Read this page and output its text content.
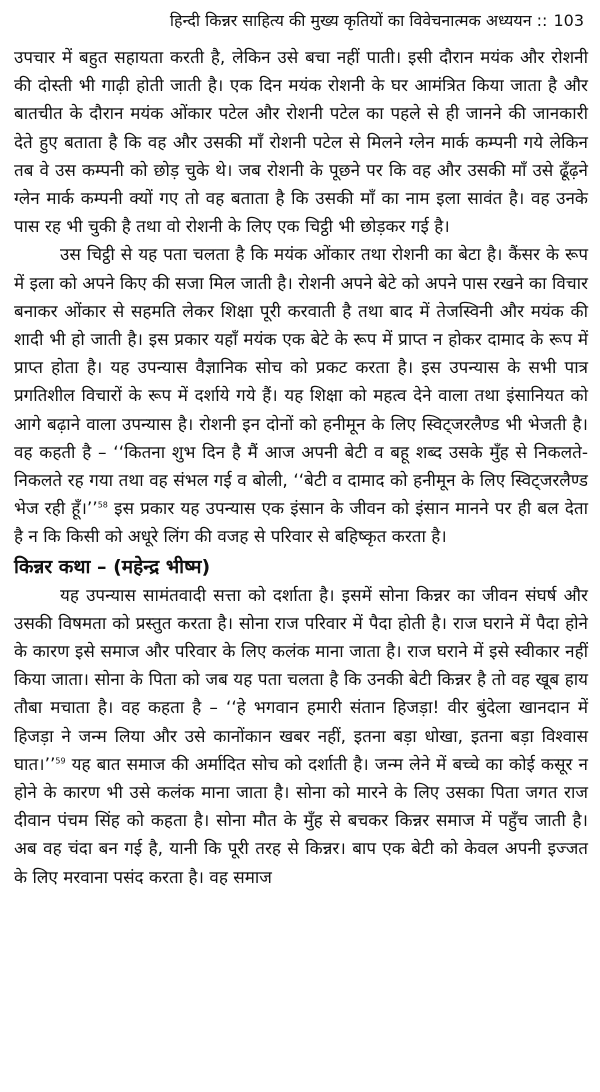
हिन्दी किन्नर साहित्य की मुख्य कृतियों का विवेचनात्मक अध्ययन :: 103

उपचार में बहुत सहायता करती है, लेकिन उसे बचा नहीं पाती। इसी दौरान मयंक और रोशनी की दोस्ती भी गाढ़ी होती जाती है। एक दिन मयंक रोशनी के घर आमंत्रित किया जाता है और बातचीत के दौरान मयंक ओंकार पटेल और रोशनी पटेल का पहले से ही जानने की जानकारी देते हुए बताता है कि वह और उसकी माँ रोशनी पटेल से मिलने ग्लेन मार्क कम्पनी गये लेकिन तब वे उस कम्पनी को छोड़ चुके थे। जब रोशनी के पूछने पर कि वह और उसकी माँ उसे ढूँढ़ने ग्लेन मार्क कम्पनी क्यों गए तो वह बताता है कि उसकी माँ का नाम इला सावंत है। वह उनके पास रह भी चुकी है तथा वो रोशनी के लिए एक चिट्ठी भी छोड़कर गई है।

उस चिट्ठी से यह पता चलता है कि मयंक ओंकार तथा रोशनी का बेटा है। कैंसर के रूप में इला को अपने किए की सजा मिल जाती है। रोशनी अपने बेटे को अपने पास रखने का विचार बनाकर ओंकार से सहमति लेकर शिक्षा पूरी करवाती है तथा बाद में तेजस्विनी और मयंक की शादी भी हो जाती है। इस प्रकार यहाँ मयंक एक बेटे के रूप में प्राप्त न होकर दामाद के रूप में प्राप्त होता है। यह उपन्यास वैज्ञानिक सोच को प्रकट करता है। इस उपन्यास के सभी पात्र प्रगतिशील विचारों के रूप में दर्शाये गये हैं। यह शिक्षा को महत्व देने वाला तथा इंसानियत को आगे बढ़ाने वाला उपन्यास है। रोशनी इन दोनों को हनीमून के लिए स्विट्जरलैण्ड भी भेजती है। वह कहती है – ‘‘कितना शुभ दिन है मैं आज अपनी बेटी व बहू शब्द उसके मुँह से निकलते-निकलते रह गया तथा वह संभल गई व बोली, ‘‘बेटी व दामाद को हनीमून के लिए स्विट्जरलैण्ड भेज रही हूँ।’’$^{58}$ इस प्रकार यह उपन्यास एक इंसान के जीवन को इंसान मानने पर ही बल देता है न कि किसी को अधूरे लिंग की वजह से परिवार से बहिष्कृत करता है।

किन्नर कथा – (महेन्द्र भीष्म)

यह उपन्यास सामंतवादी सत्ता को दर्शाता है। इसमें सोना किन्नर का जीवन संघर्ष और उसकी विषमता को प्रस्तुत करता है। सोना राज परिवार में पैदा होती है। राज घराने में पैदा होने के कारण इसे समाज और परिवार के लिए कलंक माना जाता है। राज घराने में इसे स्वीकार नहीं किया जाता। सोना के पिता को जब यह पता चलता है कि उनकी बेटी किन्नर है तो वह खूब हाय तौबा मचाता है। वह कहता है – ‘‘हे भगवान हमारी संतान हिजड़ा! वीर बुंदेला खानदान में हिजड़ा ने जन्म लिया और उसे कानोंकान खबर नहीं, इतना बड़ा धोखा, इतना बड़ा विश्वास घात।’’$^{59}$ यह बात समाज की अर्मादित सोच को दर्शाती है। जन्म लेने में बच्चे का कोई कसूर न होने के कारण भी उसे कलंक माना जाता है। सोना को मारने के लिए उसका पिता जगत राज दीवान पंचम सिंह को कहता है। सोना मौत के मुँह से बचकर किन्नर समाज में पहुँच जाती है। अब वह चंदा बन गई है, यानी कि पूरी तरह से किन्नर। बाप एक बेटी को केवल अपनी इज्जत के लिए मरवाना पसंद करता है। वह समाज
